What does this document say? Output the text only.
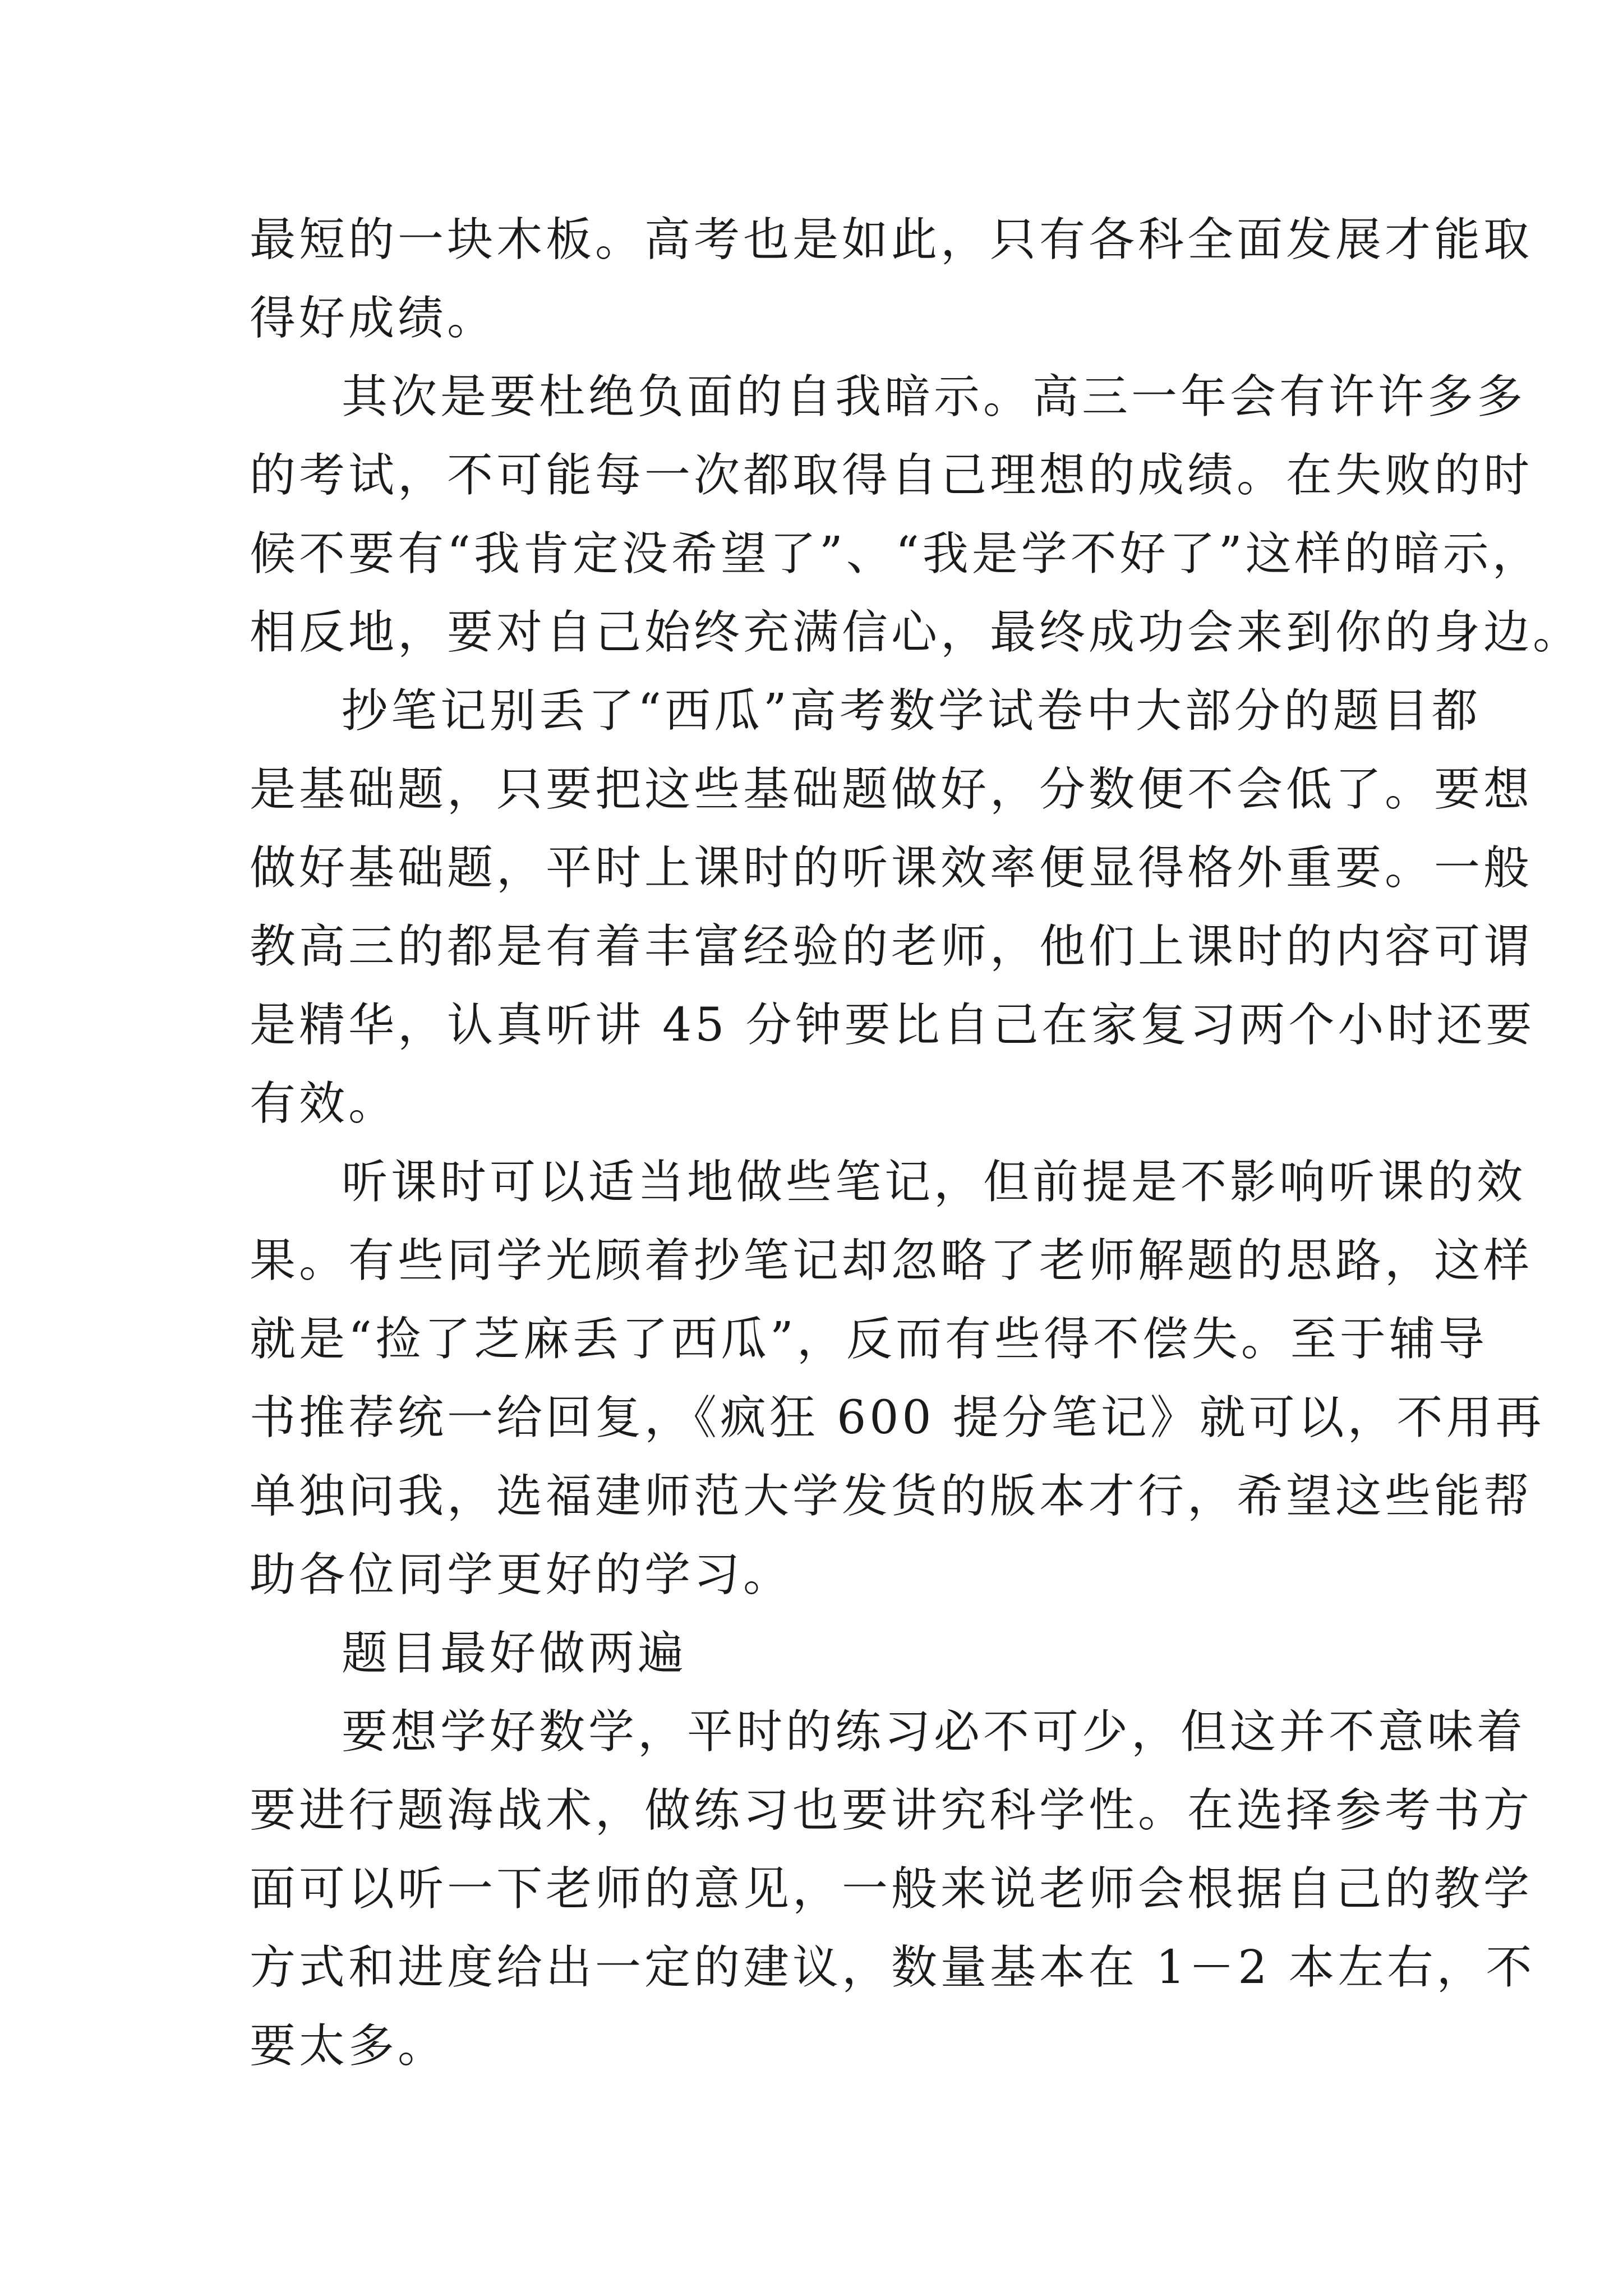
最短的一块木板。高考也是如此，只有各科全面发展才能取
得好成绩。
其次是要杜绝负面的自我暗示。高三一年会有许许多多
的考试，不可能每一次都取得自己理想的成绩。在失败的时
候不要有“我肯定没希望了”、“我是学不好了”这样的暗示，
相反地，要对自己始终充满信心，最终成功会来到你的身边。
抄笔记别丢了“西瓜”高考数学试卷中大部分的题目都
是基础题，只要把这些基础题做好，分数便不会低了。要想
做好基础题，平时上课时的听课效率便显得格外重要。一般
教高三的都是有着丰富经验的老师，他们上课时的内容可谓
是精华，认真听讲 45 分钟要比自己在家复习两个小时还要
有效。
听课时可以适当地做些笔记，但前提是不影响听课的效
果。有些同学光顾着抄笔记却忽略了老师解题的思路，这样
就是“捡了芝麻丢了西瓜”，反而有些得不偿失。至于辅导
书推荐统一给回复，《疯狂 600 提分笔记》就可以，不用再
单独问我，选福建师范大学发货的版本才行，希望这些能帮
助各位同学更好的学习。
题目最好做两遍
要想学好数学，平时的练习必不可少，但这并不意味着
要进行题海战术，做练习也要讲究科学性。在选择参考书方
面可以听一下老师的意见，一般来说老师会根据自己的教学
方式和进度给出一定的建议，数量基本在 1－2 本左右，不
要太多。
